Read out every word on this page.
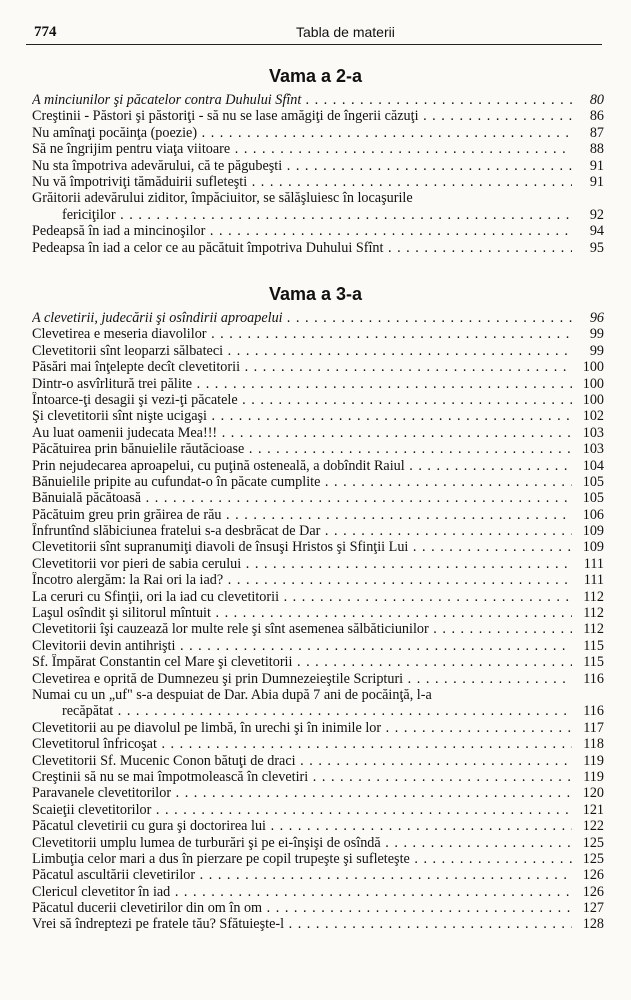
774	Tabla de materii
Vama a 2-a
A minciunilor şi păcatelor contra Duhului Sfînt . . .	80
Creştinii - Păstori şi păstoriţi - să nu se lase amăgiţi de îngerii căzuţi . . .	86
Nu amînaţi pocăinţa (poezie) . . .	87
Să ne îngrijim pentru viaţa viitoare . . .	88
Nu sta împotriva adevărului, că te păgubeşti . . .	91
Nu vă împotriviţi tămăduirii sufleteşti . . .	91
Grăitorii adevărului ziditor, împăciuitor, se sălăşluiesc în locaşurile
fericiţilor . . .	92
Pedeapsă în iad a mincinoşilor . . .	94
Pedeapsa în iad a celor ce au păcătuit împotriva Duhului Sfînt . . .	95
Vama a 3-a
A clevetirii, judecării şi osîndirii aproapelui . . .	96
Clevetirea e meseria diavolilor . . .	99
Clevetitorii sînt leoparzi sălbateci . . .	99
Păsări mai înţelepte decît clevetitorii . . .	100
Dintr-o asvîrlitură trei pălite . . .	100
Întoarce-ţi desagii şi vezi-ţi păcatele . . .	100
Şi clevetitorii sînt nişte ucigaşi . . .	102
Au luat oamenii judecata Mea!!! . . .	103
Păcătuirea prin bănuielile răutăcioase . . .	103
Prin nejudecarea aproapelui, cu puţină osteneală, a dobîndit Raiul . . .	104
Bănuielile pripite au cufundat-o în păcate cumplite . . .	105
Bănuială păcătoasă . . .	105
Păcătuim greu prin grăirea de rău . . .	106
Înfruntînd slăbiciunea fratelui s-a desbrăcat de Dar . . .	109
Clevetitorii sînt supranumiţi diavoli de însuşi Hristos şi Sfinţii Lui . . .	109
Clevetitorii vor pieri de sabia cerului . . .	111
Încotro alergăm: la Rai ori la iad? . . .	111
La ceruri cu Sfinţii, ori la iad cu clevetitorii . . .	112
Laşul osîndit şi silitorul mîntuit . . .	112
Clevetitorii îşi cauzează lor multe rele şi sînt asemenea sălbăticiunilor . . .	112
Clevitorii devin antihrişti . . .	115
Sf. Împărat Constantin cel Mare şi clevetitorii . . .	115
Clevetirea e oprită de Dumnezeu şi prin Dumnezeieştile Scripturi . . .	116
Numai cu un „uf" s-a despuiat de Dar. Abia după 7 ani de pocăinţă, l-a
recăpătat . . .	116
Clevetitorii au pe diavolul pe limbă, în urechi şi în inimile lor . . .	117
Clevetitorul înfricoşat . . .	118
Clevetitorii Sf. Mucenic Conon bătuţi de draci . . .	119
Creştinii să nu se mai împotmolească în clevetiri . . .	119
Paravanele clevetitorilor . . .	120
Scaieţii clevetitorilor . . .	121
Păcatul clevetirii cu gura şi doctorirea lui . . .	122
Clevetitorii umplu lumea de turburări şi pe ei-înşişi de osîndă . . .	125
Limbuţia celor mari a dus în pierzare pe copil trupeşte şi sufleteşte . . .	125
Păcatul ascultării clevetirilor . . .	126
Clericul clevetitor în iad . . .	126
Păcatul ducerii clevetirilor din om în om . . .	127
Vrei să îndreptezi pe fratele tău? Sfătuieşte-l . . .	128
